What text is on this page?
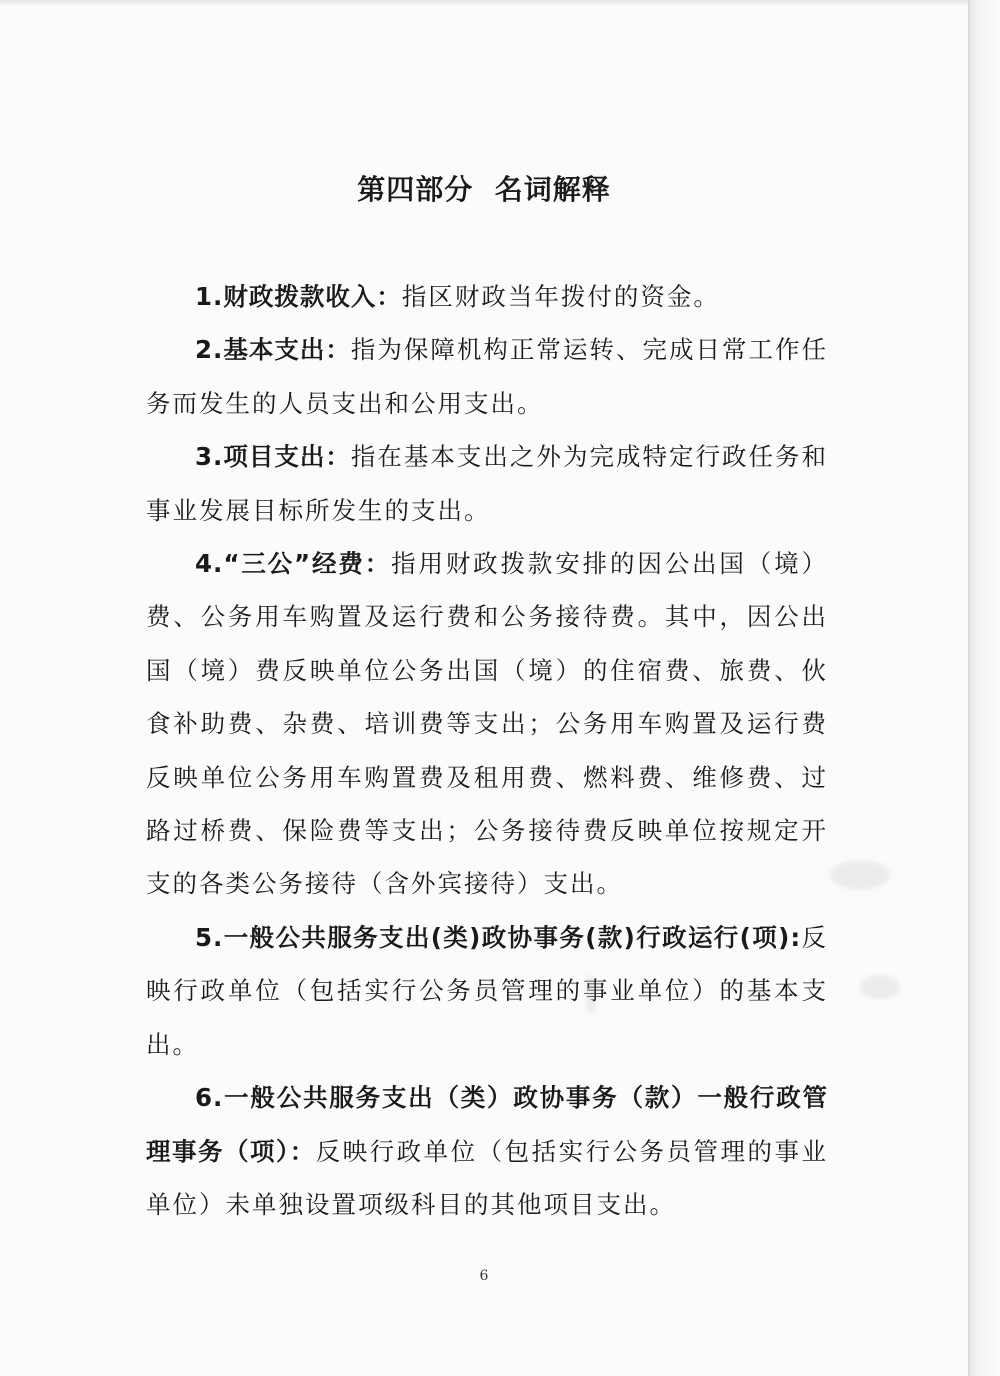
第四部分  名词解释

1.财政拨款收入：指区财政当年拨付的资金。

2.基本支出：指为保障机构正常运转、完成日常工作任务而发生的人员支出和公用支出。

3.项目支出：指在基本支出之外为完成特定行政任务和事业发展目标所发生的支出。

4.“三公”经费：指用财政拨款安排的因公出国（境）费、公务用车购置及运行费和公务接待费。其中，因公出国（境）费反映单位公务出国（境）的住宿费、旅费、伙食补助费、杂费、培训费等支出；公务用车购置及运行费反映单位公务用车购置费及租用费、燃料费、维修费、过路过桥费、保险费等支出；公务接待费反映单位按规定开支的各类公务接待（含外宾接待）支出。

5.一般公共服务支出(类)政协事务(款)行政运行(项):反映行政单位（包括实行公务员管理的事业单位）的基本支出。

6.一般公共服务支出（类）政协事务（款）一般行政管理事务（项）：反映行政单位（包括实行公务员管理的事业单位）未单独设置项级科目的其他项目支出。

6
